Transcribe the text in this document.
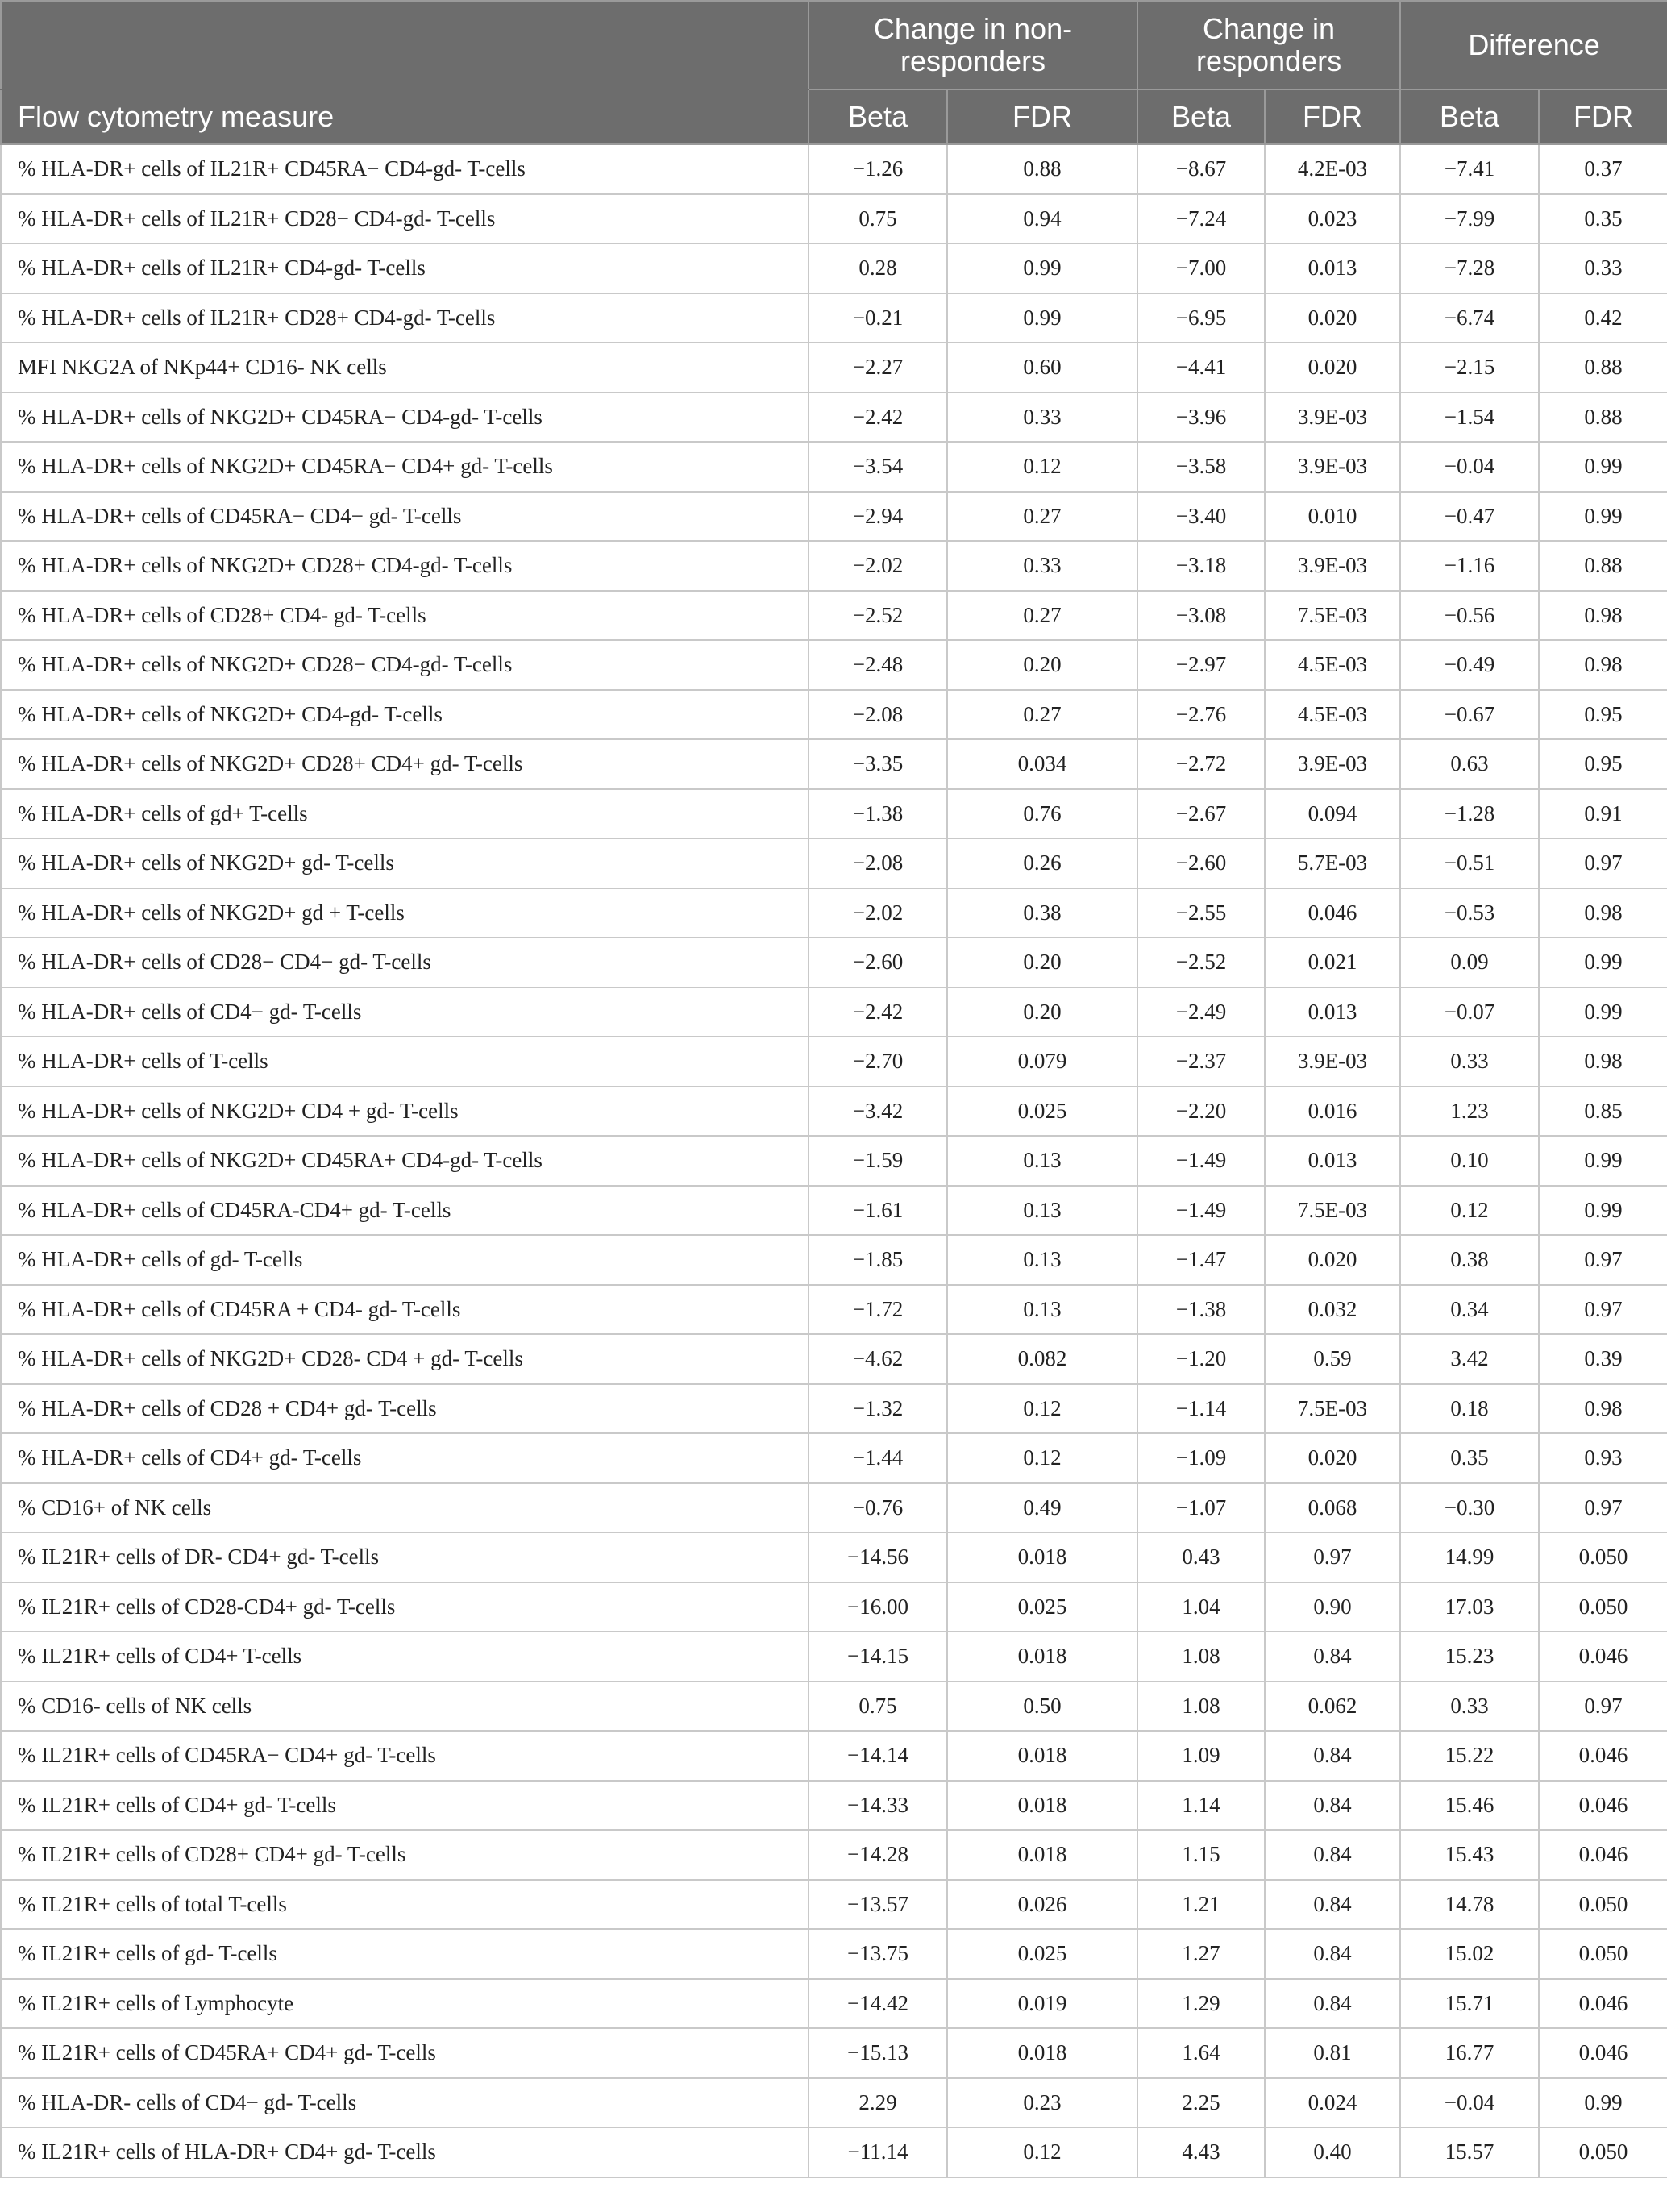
	Change in non-responders		Change in responders		Difference	
Flow cytometry measure	Beta	FDR	Beta	FDR	Beta	FDR
% HLA-DR+ cells of IL21R+ CD45RA− CD4-gd- T-cells	−1.26	0.88	−8.67	4.2E-03	−7.41	0.37
% HLA-DR+ cells of IL21R+ CD28− CD4-gd- T-cells	0.75	0.94	−7.24	0.023	−7.99	0.35
% HLA-DR+ cells of IL21R+ CD4-gd- T-cells	0.28	0.99	−7.00	0.013	−7.28	0.33
% HLA-DR+ cells of IL21R+ CD28+ CD4-gd- T-cells	−0.21	0.99	−6.95	0.020	−6.74	0.42
MFI NKG2A of NKp44+ CD16- NK cells	−2.27	0.60	−4.41	0.020	−2.15	0.88
% HLA-DR+ cells of NKG2D+ CD45RA− CD4-gd- T-cells	−2.42	0.33	−3.96	3.9E-03	−1.54	0.88
% HLA-DR+ cells of NKG2D+ CD45RA− CD4+ gd- T-cells	−3.54	0.12	−3.58	3.9E-03	−0.04	0.99
% HLA-DR+ cells of CD45RA− CD4− gd- T-cells	−2.94	0.27	−3.40	0.010	−0.47	0.99
% HLA-DR+ cells of NKG2D+ CD28+ CD4-gd- T-cells	−2.02	0.33	−3.18	3.9E-03	−1.16	0.88
% HLA-DR+ cells of CD28+ CD4- gd- T-cells	−2.52	0.27	−3.08	7.5E-03	−0.56	0.98
% HLA-DR+ cells of NKG2D+ CD28− CD4-gd- T-cells	−2.48	0.20	−2.97	4.5E-03	−0.49	0.98
% HLA-DR+ cells of NKG2D+ CD4-gd- T-cells	−2.08	0.27	−2.76	4.5E-03	−0.67	0.95
% HLA-DR+ cells of NKG2D+ CD28+ CD4+ gd- T-cells	−3.35	0.034	−2.72	3.9E-03	0.63	0.95
% HLA-DR+ cells of gd+ T-cells	−1.38	0.76	−2.67	0.094	−1.28	0.91
% HLA-DR+ cells of NKG2D+ gd- T-cells	−2.08	0.26	−2.60	5.7E-03	−0.51	0.97
% HLA-DR+ cells of NKG2D+ gd + T-cells	−2.02	0.38	−2.55	0.046	−0.53	0.98
% HLA-DR+ cells of CD28− CD4− gd- T-cells	−2.60	0.20	−2.52	0.021	0.09	0.99
% HLA-DR+ cells of CD4− gd- T-cells	−2.42	0.20	−2.49	0.013	−0.07	0.99
% HLA-DR+ cells of T-cells	−2.70	0.079	−2.37	3.9E-03	0.33	0.98
% HLA-DR+ cells of NKG2D+ CD4 + gd- T-cells	−3.42	0.025	−2.20	0.016	1.23	0.85
% HLA-DR+ cells of NKG2D+ CD45RA+ CD4-gd- T-cells	−1.59	0.13	−1.49	0.013	0.10	0.99
% HLA-DR+ cells of CD45RA-CD4+ gd- T-cells	−1.61	0.13	−1.49	7.5E-03	0.12	0.99
% HLA-DR+ cells of gd- T-cells	−1.85	0.13	−1.47	0.020	0.38	0.97
% HLA-DR+ cells of CD45RA + CD4- gd- T-cells	−1.72	0.13	−1.38	0.032	0.34	0.97
% HLA-DR+ cells of NKG2D+ CD28- CD4 + gd- T-cells	−4.62	0.082	−1.20	0.59	3.42	0.39
% HLA-DR+ cells of CD28 + CD4+ gd- T-cells	−1.32	0.12	−1.14	7.5E-03	0.18	0.98
% HLA-DR+ cells of CD4+ gd- T-cells	−1.44	0.12	−1.09	0.020	0.35	0.93
% CD16+ of NK cells	−0.76	0.49	−1.07	0.068	−0.30	0.97
% IL21R+ cells of DR- CD4+ gd- T-cells	−14.56	0.018	0.43	0.97	14.99	0.050
% IL21R+ cells of CD28-CD4+ gd- T-cells	−16.00	0.025	1.04	0.90	17.03	0.050
% IL21R+ cells of CD4+ T-cells	−14.15	0.018	1.08	0.84	15.23	0.046
% CD16- cells of NK cells	0.75	0.50	1.08	0.062	0.33	0.97
% IL21R+ cells of CD45RA− CD4+ gd- T-cells	−14.14	0.018	1.09	0.84	15.22	0.046
% IL21R+ cells of CD4+ gd- T-cells	−14.33	0.018	1.14	0.84	15.46	0.046
% IL21R+ cells of CD28+ CD4+ gd- T-cells	−14.28	0.018	1.15	0.84	15.43	0.046
% IL21R+ cells of total T-cells	−13.57	0.026	1.21	0.84	14.78	0.050
% IL21R+ cells of gd- T-cells	−13.75	0.025	1.27	0.84	15.02	0.050
% IL21R+ cells of Lymphocyte	−14.42	0.019	1.29	0.84	15.71	0.046
% IL21R+ cells of CD45RA+ CD4+ gd- T-cells	−15.13	0.018	1.64	0.81	16.77	0.046
% HLA-DR- cells of CD4− gd- T-cells	2.29	0.23	2.25	0.024	−0.04	0.99
% IL21R+ cells of HLA-DR+ CD4+ gd- T-cells	−11.14	0.12	4.43	0.40	15.57	0.050
